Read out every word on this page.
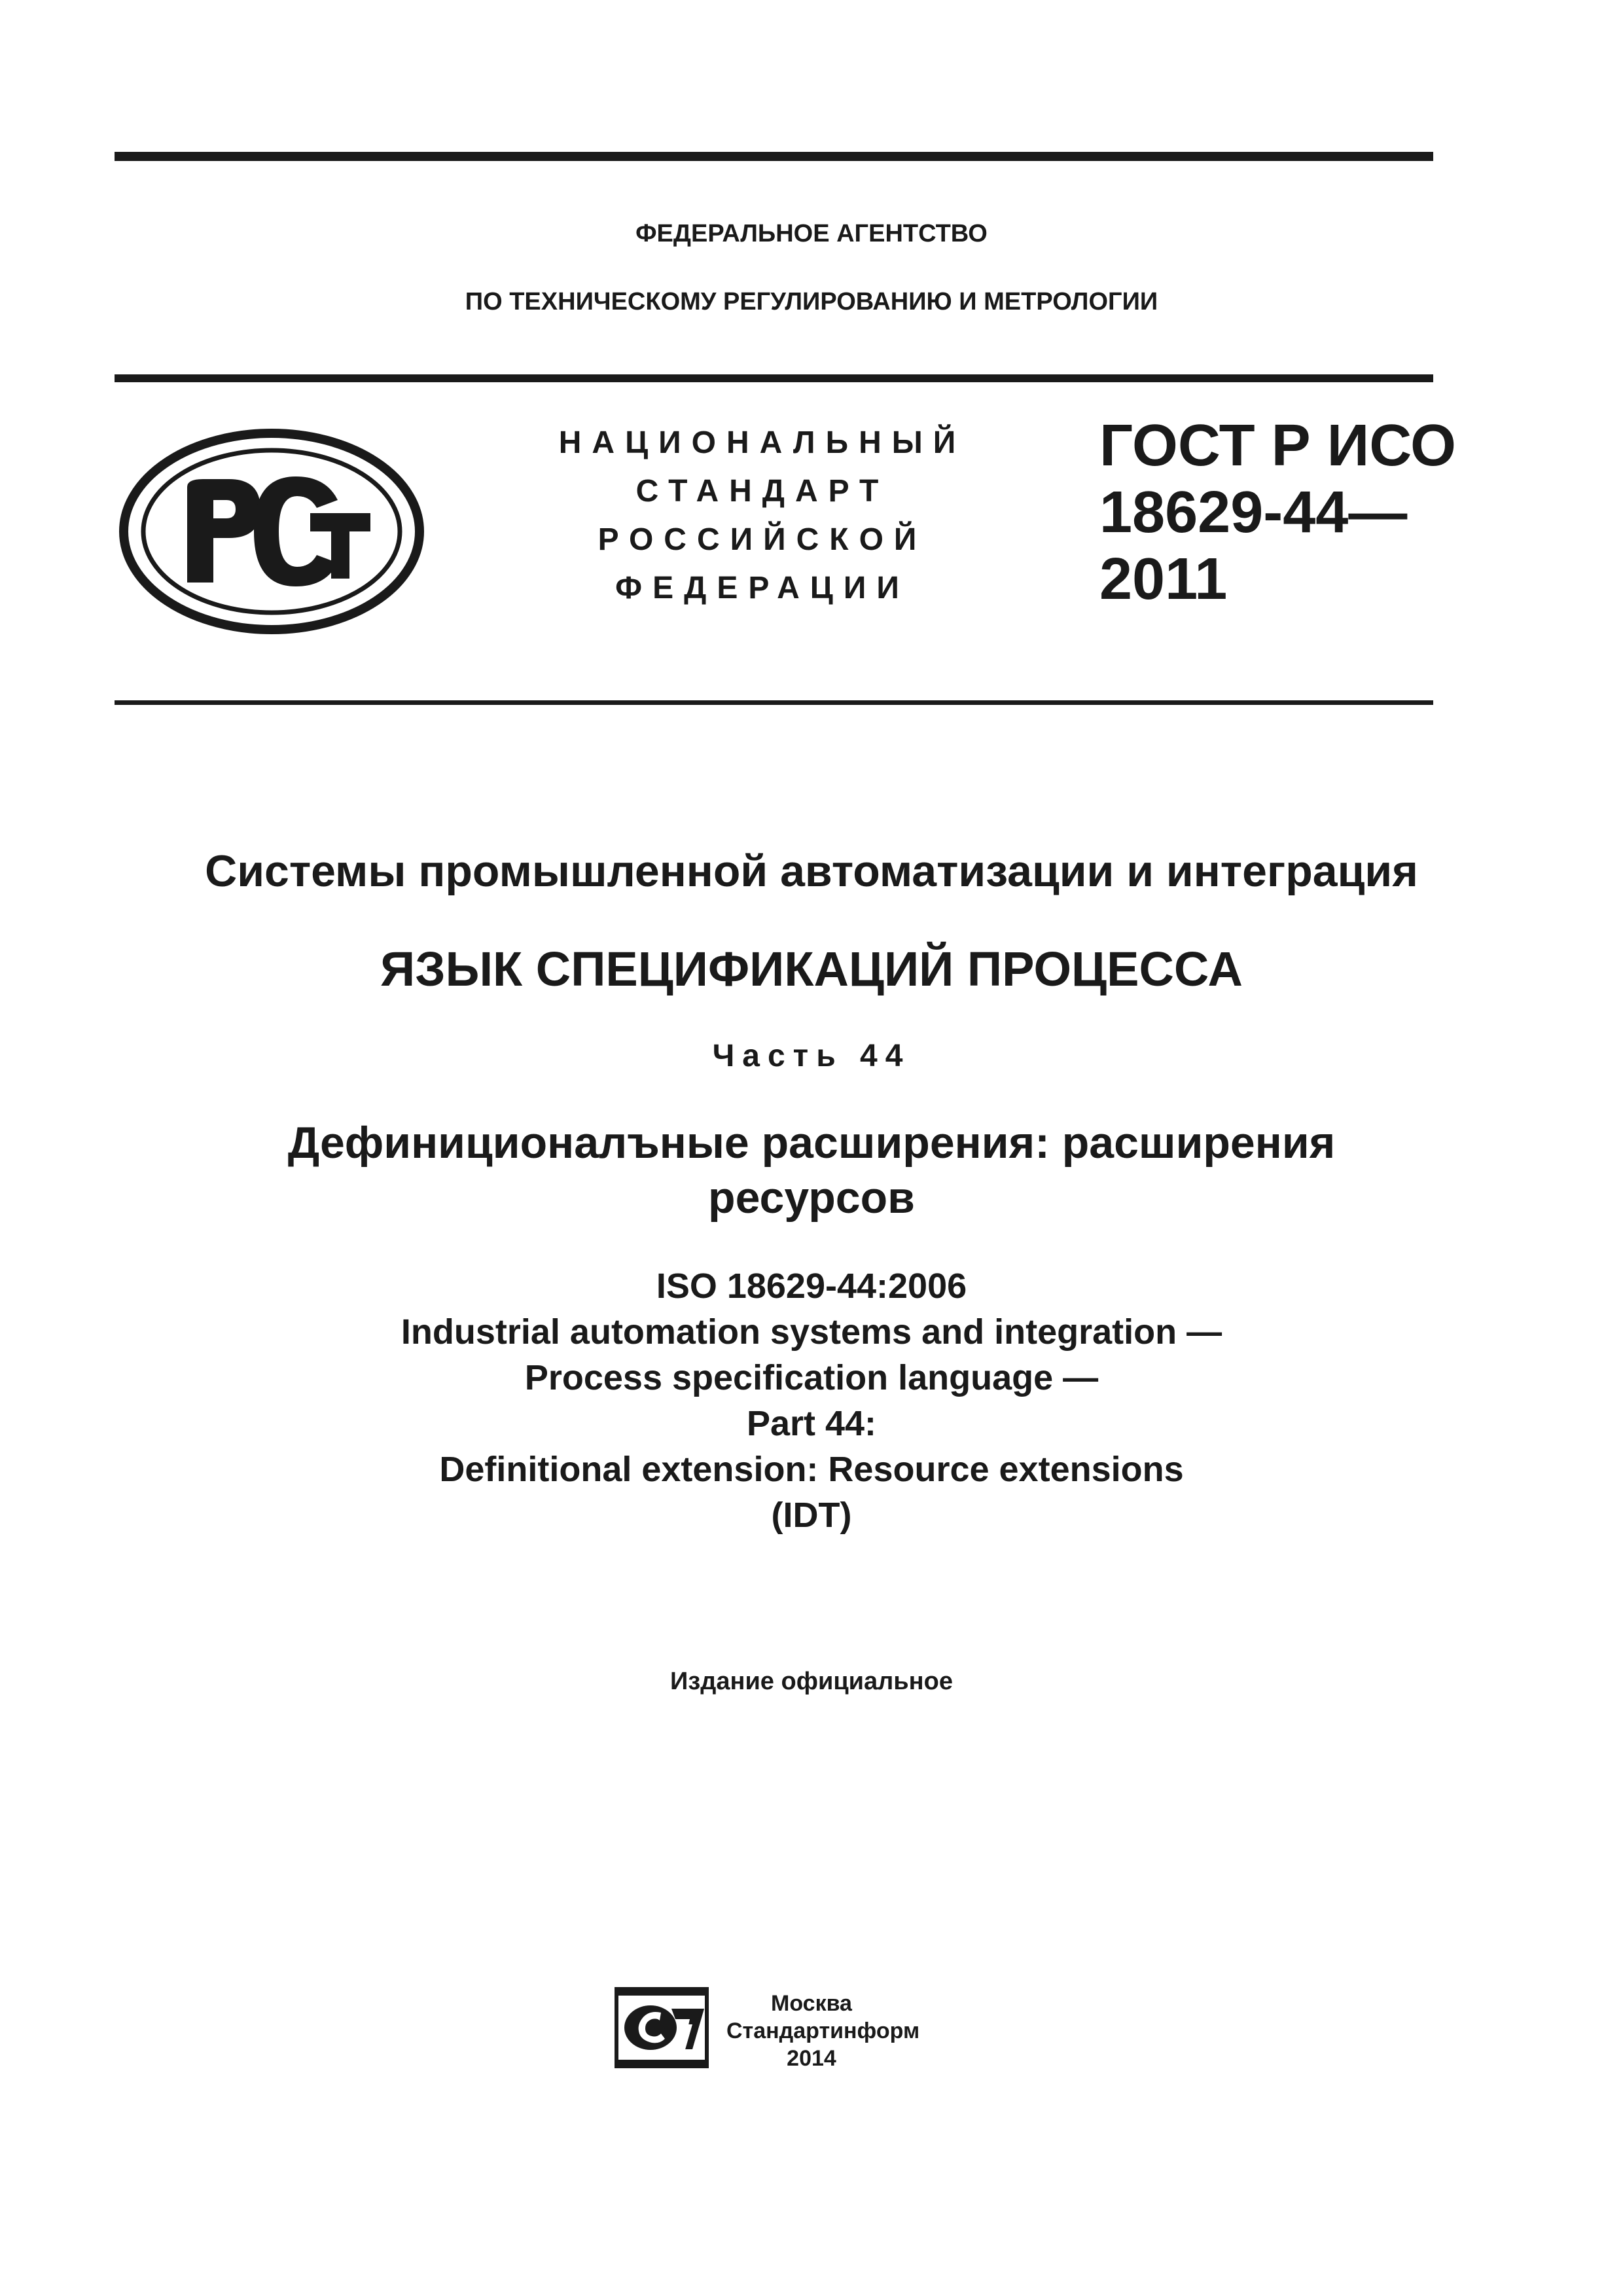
ФЕДЕРАЛЬНОЕ АГЕНТСТВО
ПО ТЕХНИЧЕСКОМУ РЕГУЛИРОВАНИЮ И МЕТРОЛОГИИ
НАЦИОНАЛЬНЫЙ
СТАНДАРТ
РОССИЙСКОЙ
ФЕДЕРАЦИИ
ГОСТ Р ИСО
18629-44—
2011
Системы промышленной автоматизации и интеграция
ЯЗЫК СПЕЦИФИКАЦИЙ ПРОЦЕССА
Часть 44
Дефиниционалъные расширения: расширения
ресурсов
ISO 18629-44:2006
Industrial automation systems and integration —
Process specification language —
Part 44:
Definitional extension: Resource extensions
(IDT)
Издание официальное
Москва
Стандартинформ
2014
